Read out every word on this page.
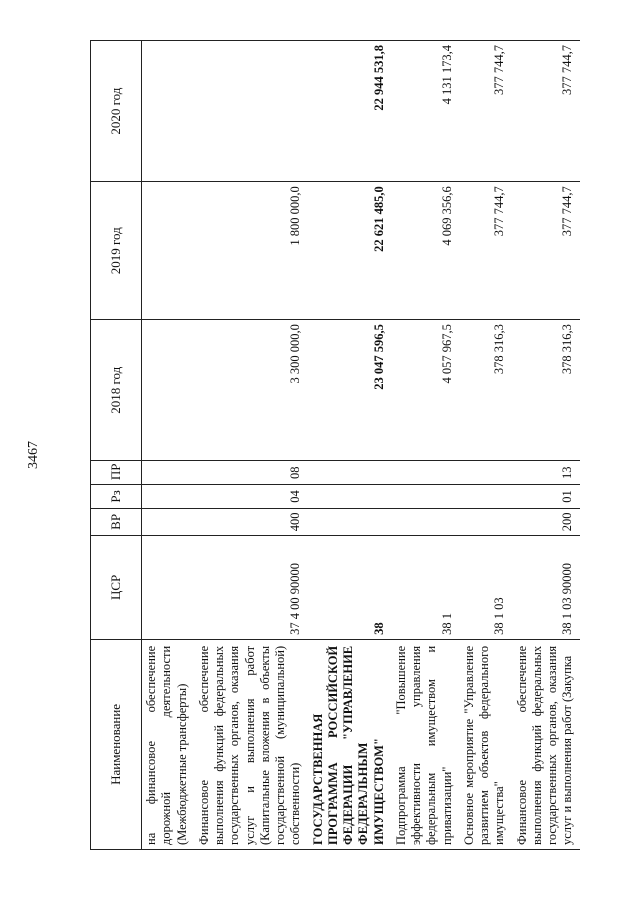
3467
Наименование	ЦСР	ВР	Рз	ПР	2018 год	2019 год	2020 год
на финансовое обеспечение дорожной деятельности (Межбюджетные трансферты)							
Финансовое обеспечение выполнения функций федеральных государственных органов, оказания услуг и выполнения работ (Капитальные вложения в объекты государственной (муниципальной) собственности)	37 4 00 90000	400	04	08	3 300 000,0	1 800 000,0	
ГОСУДАРСТВЕННАЯ ПРОГРАММА РОССИЙСКОЙ ФЕДЕРАЦИИ "УПРАВЛЕНИЕ ФЕДЕРАЛЬНЫМ ИМУЩЕСТВОМ"	38				23 047 596,5	22 621 485,0	22 944 531,8
Подпрограмма "Повышение эффективности управления федеральным имуществом и приватизации"	38 1				4 057 967,5	4 069 356,6	4 131 173,4
Основное мероприятие "Управление развитием объектов федерального имущества"	38 1 03				378 316,3	377 744,7	377 744,7
Финансовое обеспечение выполнения функций федеральных государственных органов, оказания услуг и выполнения работ (Закупка	38 1 03 90000	200	01	13	378 316,3	377 744,7	377 744,7
